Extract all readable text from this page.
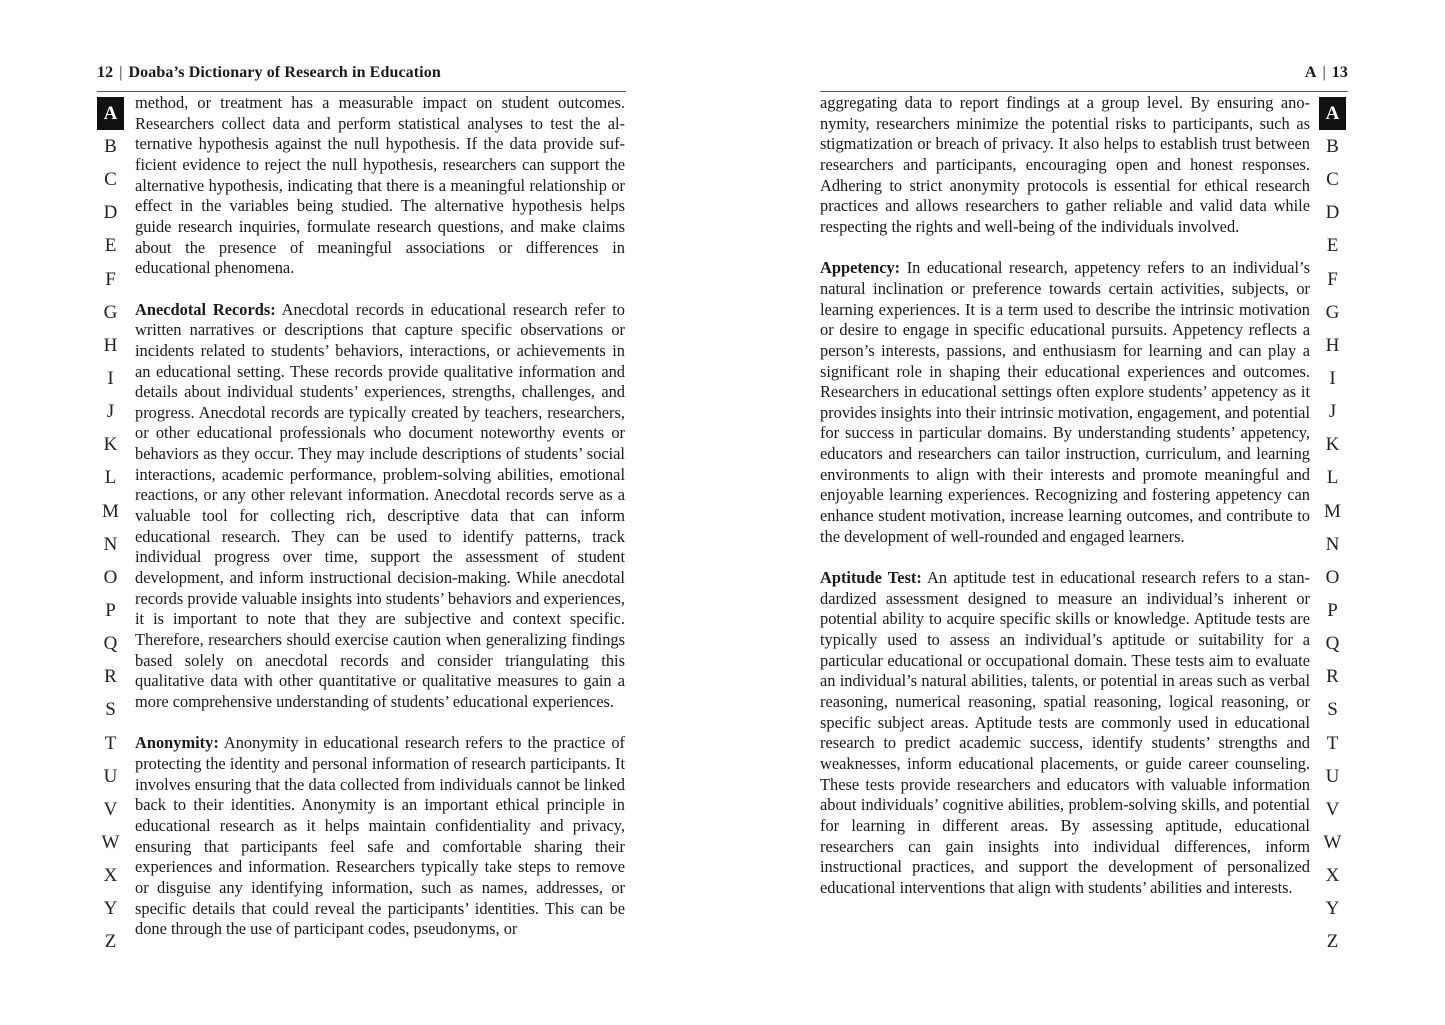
12 | Doaba’s Dictionary of Research in Education
A
B
C
D
E
F
G
H
I
J
K
L
M
N
O
P
Q
R
S
T
U
V
W
X
Y
Z

method, or treatment has a measurable impact on student outcomes. Researchers collect data and perform statistical analyses to test the alternative hypothesis against the null hypothesis. If the data provide sufficient evidence to reject the null hypothesis, researchers can support the alternative hypothesis, indicating that there is a meaningful relationship or effect in the variables being studied. The alternative hypothesis helps guide research inquiries, formulate research questions, and make claims about the presence of meaningful associations or differences in educational phenomena.

Anecdotal Records: Anecdotal records in educational research refer to written narratives or descriptions that capture specific observations or incidents related to students’ behaviors, interactions, or achievements in an educational setting. These records provide qualitative information and details about individual students’ experiences, strengths, challenges, and progress. Anecdotal records are typically created by teachers, researchers, or other educational professionals who document noteworthy events or behaviors as they occur. They may include descriptions of students’ social interactions, academic performance, problem-solving abilities, emotional reactions, or any other relevant information. Anecdotal records serve as a valuable tool for collecting rich, descriptive data that can inform educational research. They can be used to identify patterns, track individual progress over time, support the assessment of student development, and inform instructional decision-making. While anecdotal records provide valuable insights into students’ behaviors and experiences, it is important to note that they are subjective and context specific. Therefore, researchers should exercise caution when generalizing findings based solely on anecdotal records and consider triangulating this qualitative data with other quantitative or qualitative measures to gain a more comprehensive understanding of students’ educational experiences.

Anonymity: Anonymity in educational research refers to the practice of protecting the identity and personal information of research participants. It involves ensuring that the data collected from individuals cannot be linked back to their identities. Anonymity is an important ethical principle in educational research as it helps maintain confidentiality and privacy, ensuring that participants feel safe and comfortable sharing their experiences and information. Researchers typically take steps to remove or disguise any identifying information, such as names, addresses, or specific details that could reveal the participants’ identities. This can be done through the use of participant codes, pseudonyms, or

A | 13

aggregating data to report findings at a group level. By ensuring anonymity, researchers minimize the potential risks to participants, such as stigmatization or breach of privacy. It also helps to establish trust between researchers and participants, encouraging open and honest responses. Adhering to strict anonymity protocols is essential for ethical research practices and allows researchers to gather reliable and valid data while respecting the rights and well-being of the individuals involved.

Appetency: In educational research, appetency refers to an individual’s natural inclination or preference towards certain activities, subjects, or learning experiences. It is a term used to describe the intrinsic motivation or desire to engage in specific educational pursuits. Appetency reflects a person’s interests, passions, and enthusiasm for learning and can play a significant role in shaping their educational experiences and outcomes. Researchers in educational settings often explore students’ appetency as it provides insights into their intrinsic motivation, engagement, and potential for success in particular domains. By understanding students’ appetency, educators and researchers can tailor instruction, curriculum, and learning environments to align with their interests and promote meaningful and enjoyable learning experiences. Recognizing and fostering appetency can enhance student motivation, increase learning outcomes, and contribute to the development of well-rounded and engaged learners.

Aptitude Test: An aptitude test in educational research refers to a standardized assessment designed to measure an individual’s inherent or potential ability to acquire specific skills or knowledge. Aptitude tests are typically used to assess an individual’s aptitude or suitability for a particular educational or occupational domain. These tests aim to evaluate an individual’s natural abilities, talents, or potential in areas such as verbal reasoning, numerical reasoning, spatial reasoning, logical reasoning, or specific subject areas. Aptitude tests are commonly used in educational research to predict academic success, identify students’ strengths and weaknesses, inform educational placements, or guide career counseling. These tests provide researchers and educators with valuable information about individuals’ cognitive abilities, problem-solving skills, and potential for learning in different areas. By assessing aptitude, educational researchers can gain insights into individual differences, inform instructional practices, and support the development of personalized educational interventions that align with students’ abilities and interests.

A
B
C
D
E
F
G
H
I
J
K
L
M
N
O
P
Q
R
S
T
U
V
W
X
Y
Z
